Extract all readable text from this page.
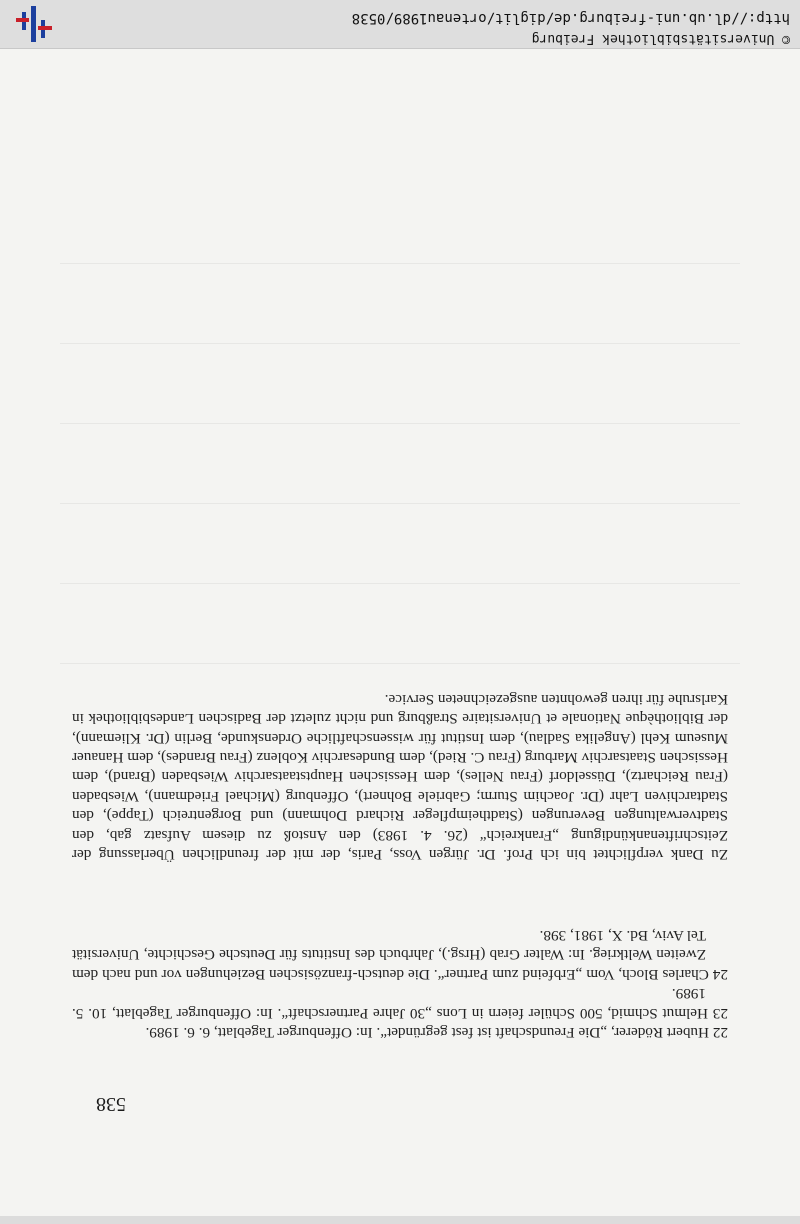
538

22 Hubert Röderer, „Die Freundschaft ist fest gegründet“. In: Offenburger Tageblatt, 6. 6. 1989.

23 Helmut Schmid, 500 Schüler feiern in Lons „30 Jahre Partnerschaft“. In: Offenburger Tageblatt, 10. 5. 1989.

24 Charles Bloch, Vom „Erbfeind zum Partner“. Die deutsch-französischen Beziehungen vor und nach dem Zweiten Weltkrieg. In: Walter Grab (Hrsg.), Jahrbuch des Instituts für Deutsche Geschichte, Universität Tel Aviv, Bd. X, 1981, 398.

Zu Dank verpflichtet bin ich Prof. Dr. Jürgen Voss, Paris, der mit der freundlichen Überlassung der Zeitschriftenankündigung „Frankreich“ (26. 4. 1983) den Anstoß zu diesem Aufsatz gab, den Stadtverwaltungen Beverungen (Stadtheimpfleger Richard Dohmann) und Borgentreich (Tappe), den Stadtarchiven Lahr (Dr. Joachim Sturm; Gabriele Bohnert), Offenburg (Michael Friedmann), Wiesbaden (Frau Reichartz), Düsseldorf (Frau Nelles), dem Hessischen Hauptstaatsarchiv Wiesbaden (Brand), dem Hessischen Staatsarchiv Marburg (Frau C. Ried), dem Bundesarchiv Koblenz (Frau Brandes), dem Hanauer Museum Kehl (Angelika Sadlau), dem Institut für wissenschaftliche Ordenskunde, Berlin (Dr. Kliemann), der Bibliothèque Nationale et Universitaire Straßburg und nicht zuletzt der Badischen Landesbibliothek in Karlsruhe für ihren gewohnten ausgezeichneten Service.

© Universitätsbibliothek Freiburg
http://dl.ub.uni-freiburg.de/diglit/ortenau1989/0538
